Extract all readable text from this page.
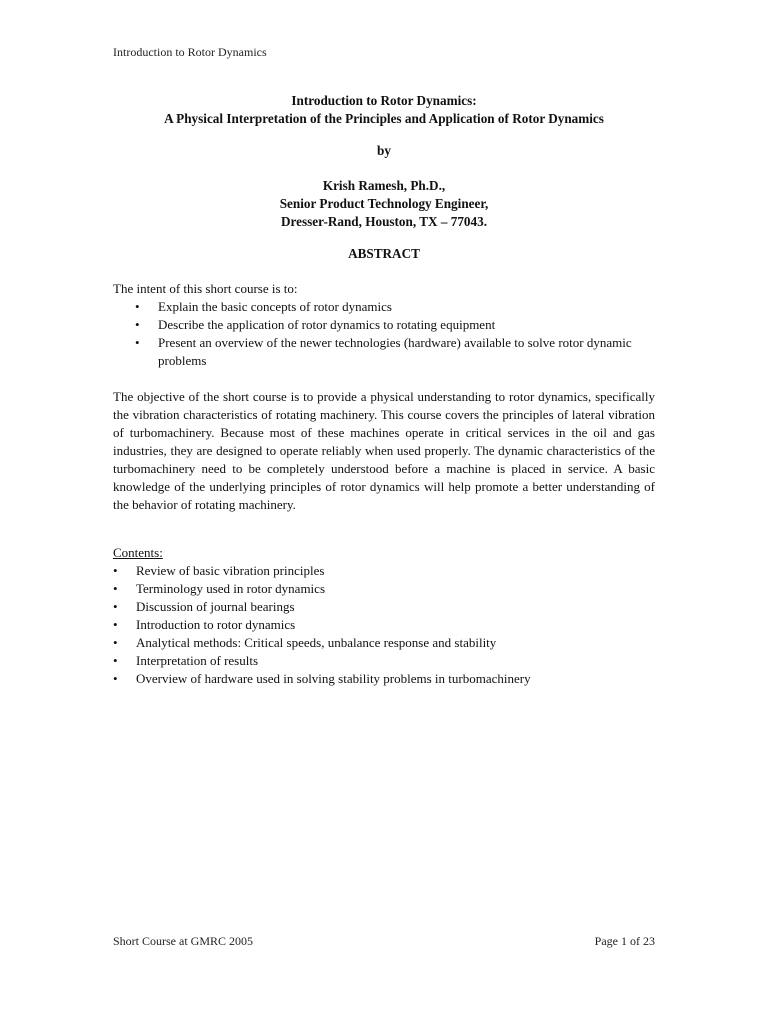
Introduction to Rotor Dynamics
Introduction to Rotor Dynamics:
A Physical Interpretation of the Principles and Application of Rotor Dynamics
by
Krish Ramesh, Ph.D.,
Senior Product Technology Engineer,
Dresser-Rand, Houston, TX – 77043.
ABSTRACT
The intent of this short course is to:
• Explain the basic concepts of rotor dynamics
• Describe the application of rotor dynamics to rotating equipment
• Present an overview of the newer technologies (hardware) available to solve rotor dynamic problems
The objective of the short course is to provide a physical understanding to rotor dynamics, specifically the vibration characteristics of rotating machinery. This course covers the principles of lateral vibration of turbomachinery. Because most of these machines operate in critical services in the oil and gas industries, they are designed to operate reliably when used properly. The dynamic characteristics of the turbomachinery need to be completely understood before a machine is placed in service. A basic knowledge of the underlying principles of rotor dynamics will help promote a better understanding of the behavior of rotating machinery.
Contents:
• Review of basic vibration principles
• Terminology used in rotor dynamics
• Discussion of journal bearings
• Introduction to rotor dynamics
• Analytical methods: Critical speeds, unbalance response and stability
• Interpretation of results
• Overview of hardware used in solving stability problems in turbomachinery
Short Course at GMRC 2005	Page 1 of 23
